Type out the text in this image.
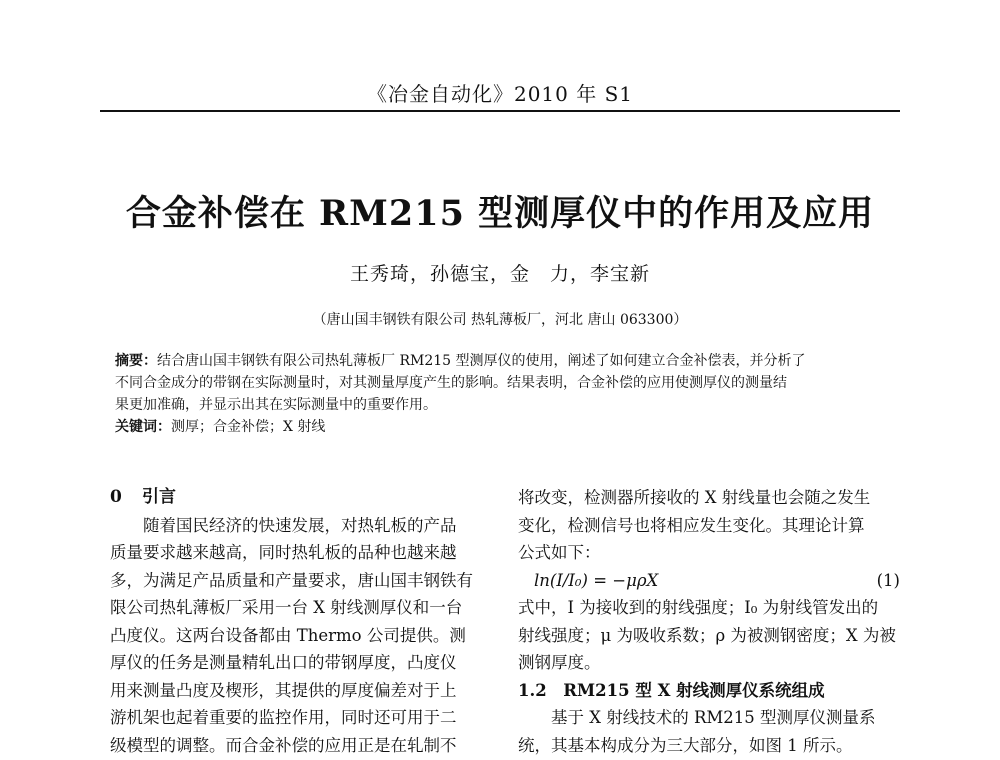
《冶金自动化》2010 年 S1
合金补偿在 RM215 型测厚仪中的作用及应用
王秀琦，孙德宝，金　力，李宝新
（唐山国丰钢铁有限公司 热轧薄板厂，河北 唐山 063300）
摘要：结合唐山国丰钢铁有限公司热轧薄板厂 RM215 型测厚仪的使用，阐述了如何建立合金补偿表，并分析了
不同合金成分的带钢在实际测量时，对其测量厚度产生的影响。结果表明，合金补偿的应用使测厚仪的测量结
果更加准确，并显示出其在实际测量中的重要作用。
关键词：测厚；合金补偿；X 射线
0 引言
随着国民经济的快速发展，对热轧板的产品
质量要求越来越高，同时热轧板的品种也越来越
多，为满足产品质量和产量要求，唐山国丰钢铁有
限公司热轧薄板厂采用一台 X 射线测厚仪和一台
凸度仪。这两台设备都由 Thermo 公司提供。测
厚仪的任务是测量精轧出口的带钢厚度，凸度仪
用来测量凸度及楔形，其提供的厚度偏差对于上
游机架也起着重要的监控作用，同时还可用于二
级模型的调整。而合金补偿的应用正是在轧制不
将改变，检测器所接收的 X 射线量也会随之发生
变化，检测信号也将相应发生变化。其理论计算
公式如下：
ln(I/I₀) = −μρX	(1)
式中，I 为接收到的射线强度；I₀ 为射线管发出的
射线强度；μ 为吸收系数；ρ 为被测钢密度；X 为被
测钢厚度。
1.2　RM215 型 X 射线测厚仪系统组成
基于 X 射线技术的 RM215 型测厚仪测量系
统，其基本构成分为三大部分，如图 1 所示。
